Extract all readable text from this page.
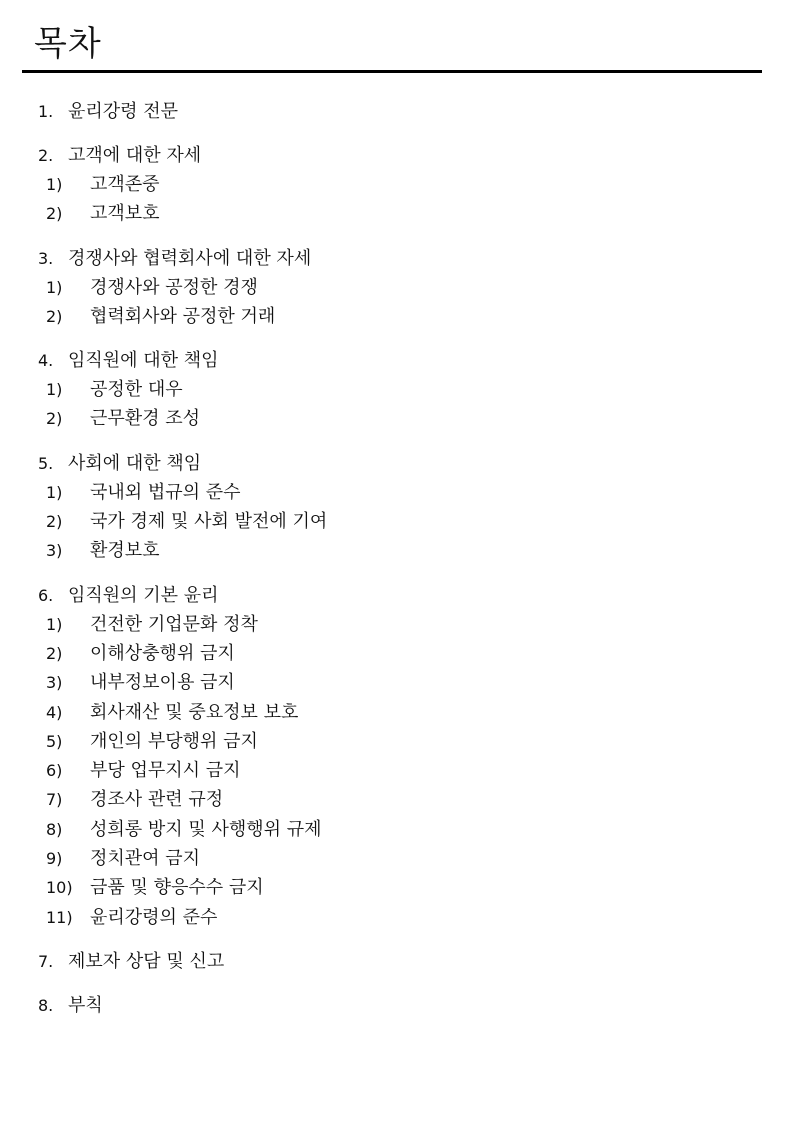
목차
1. 윤리강령 전문
2. 고객에 대한 자세
1) 고객존중
2) 고객보호
3. 경쟁사와 협력회사에 대한 자세
1) 경쟁사와 공정한 경쟁
2) 협력회사와 공정한 거래
4. 임직원에 대한 책임
1) 공정한 대우
2) 근무환경 조성
5. 사회에 대한 책임
1) 국내외 법규의 준수
2) 국가 경제 및 사회 발전에 기여
3) 환경보호
6. 임직원의 기본 윤리
1) 건전한 기업문화 정착
2) 이해상충행위 금지
3) 내부정보이용 금지
4) 회사재산 및 중요정보 보호
5) 개인의 부당행위 금지
6) 부당 업무지시 금지
7) 경조사 관련 규정
8) 성희롱 방지 및 사행행위 규제
9) 정치관여 금지
10) 금품 및 향응수수 금지
11) 윤리강령의 준수
7. 제보자 상담 및 신고
8. 부칙
